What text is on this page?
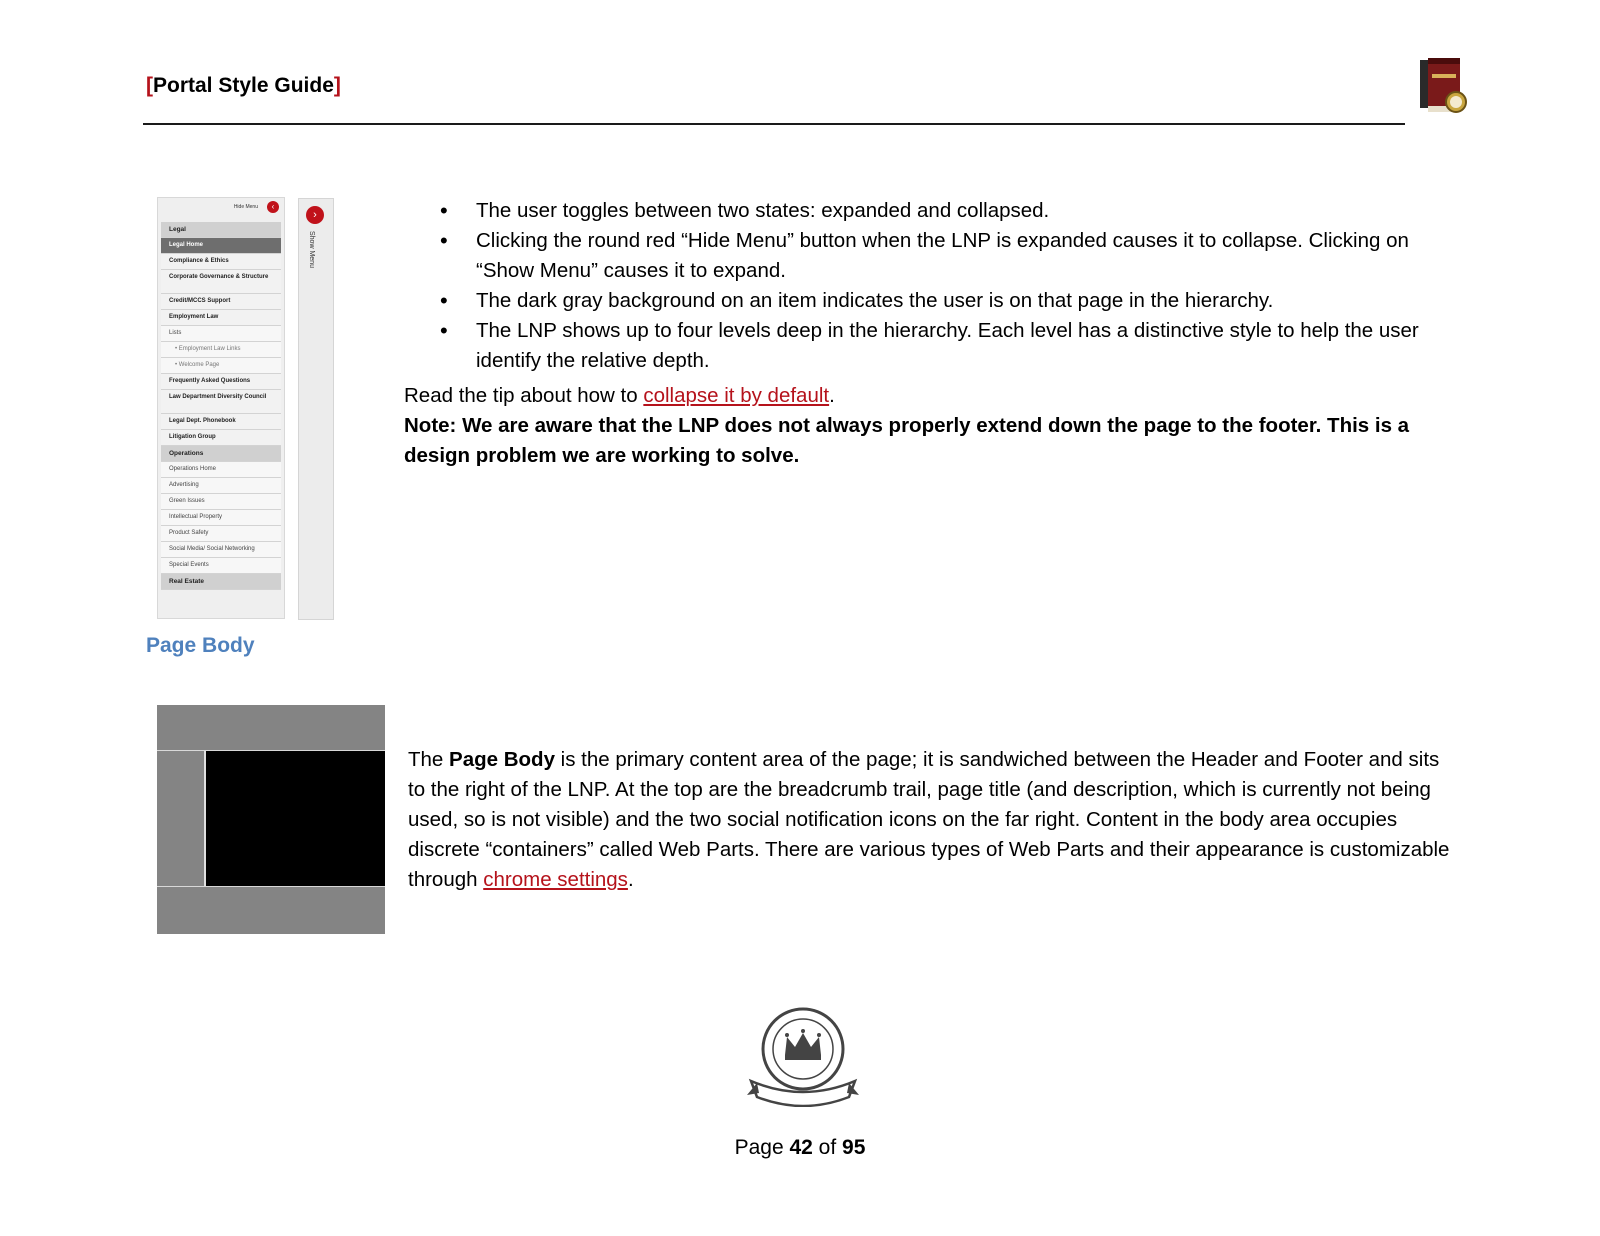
[Portal Style Guide]
Hide Menu	‹
Legal
Legal Home
Compliance & Ethics
Corporate Governance & Structure
Credit/MCCS Support
Employment Law
Lists
• Employment Law Links
• Welcome Page
Frequently Asked Questions
Law Department Diversity Council
Legal Dept. Phonebook
Litigation Group
Operations
Operations Home
Advertising
Green Issues
Intellectual Property
Product Safety
Social Media/ Social Networking
Special Events
Real Estate
›
Show Menu
• The user toggles between two states: expanded and collapsed.
• Clicking the round red “Hide Menu” button when the LNP is expanded causes it to collapse. Clicking on “Show Menu” causes it to expand.
• The dark gray background on an item indicates the user is on that page in the hierarchy.
• The LNP shows up to four levels deep in the hierarchy. Each level has a distinctive style to help the user identify the relative depth.
Read the tip about how to collapse it by default.
Note: We are aware that the LNP does not always properly extend down the page to the footer. This is a design problem we are working to solve.
Page Body
The Page Body is the primary content area of the page; it is sandwiched between the Header and Footer and sits to the right of the LNP. At the top are the breadcrumb trail, page title (and description, which is currently not being used, so is not visible) and the two social notification icons on the far right. Content in the body area occupies discrete “containers” called Web Parts. There are various types of Web Parts and their appearance is customizable through chrome settings.
Page 42 of 95
